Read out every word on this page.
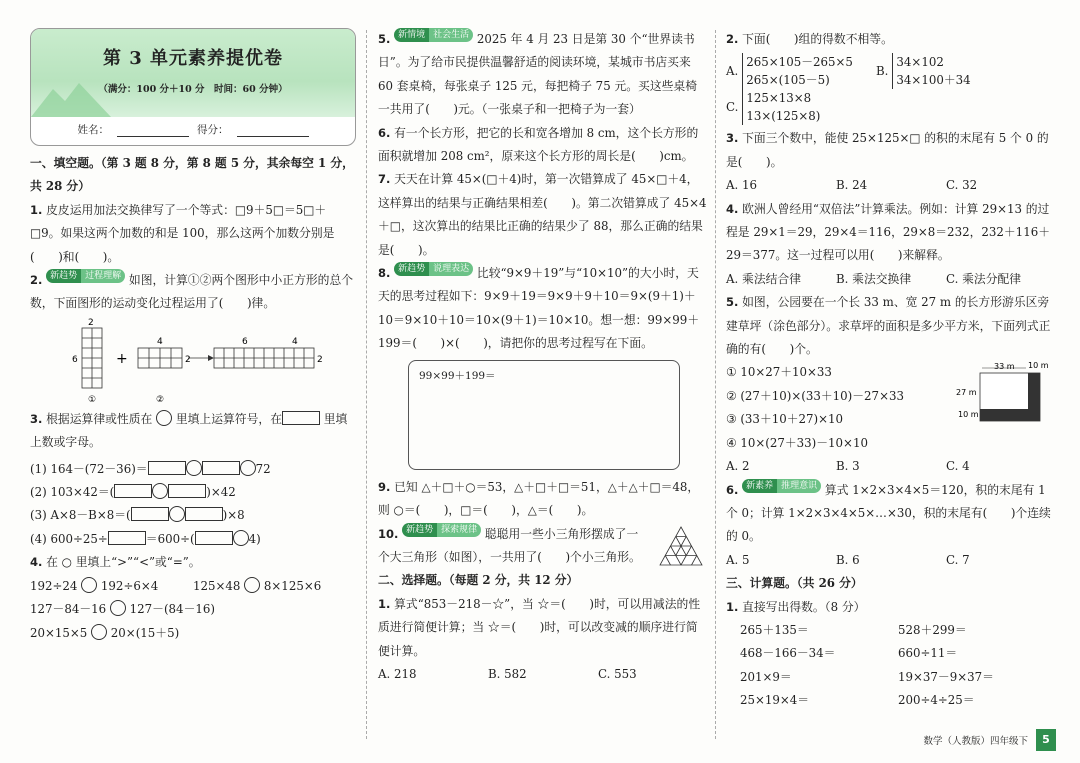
第 3 单元素养提优卷
（满分：100 分＋10 分　时间：60 分钟）
姓名：	得分：
一、填空题。（第 3 题 8 分，第 8 题 5 分，其余每空 1 分，共 28 分）
1. 皮皮运用加法交换律写了一个等式：□9＋5□＝5□＋□9。如果这两个加数的和是 100，那么这两个加数分别是(　　)和(　　)。
2. 新趋势 过程理解 如图，计算①②两个图形中小正方形的总个数，下面图形的运动变化过程运用了(　　)律。
2
6
4
2
6	4
2
①	②
+
3. 根据运算律或性质在 里填上运算符号，在	里填上数或字母。
(1) 164－(72－36)＝	72
(2) 103×42＝(	)×42
(3) A×8－B×8＝(	)×8
(4) 600÷25÷	＝600÷(	4)
4. 在 ○ 里填上“>”“<”或“=”。
192÷24 192÷6×4	125×48 8×125×6
127－84－16 127－(84－16)
20×15×5 20×(15＋5)
5. 新情境 社会生活 2025 年 4 月 23 日是第 30 个“世界读书日”。为了给市民提供温馨舒适的阅读环境，某城市书店买来 60 套桌椅，每张桌子 125 元，每把椅子 75 元。买这些桌椅一共用了(　　)元。（一张桌子和一把椅子为一套）
6. 有一个长方形，把它的长和宽各增加 8 cm，这个长方形的面积就增加 208 cm²，原来这个长方形的周长是(　　)cm。
7. 天天在计算 45×(□＋4)时，第一次错算成了 45×□＋4，这样算出的结果与正确结果相差(　　)。第二次错算成了 45×4＋□，这次算出的结果比正确的结果少了 88，那么正确的结果是(　　)。
8. 新趋势 说理表达 比较“9×9＋19”与“10×10”的大小时，天天的思考过程如下：9×9＋19＝9×9＋9＋10＝9×(9＋1)＋10＝9×10＋10＝10×(9＋1)＝10×10。想一想：99×99＋199＝(　　)×(　　)，请把你的思考过程写在下面。
99×99＋199＝
9. 已知 △＋□＋○＝53，△＋□＋□＝51，△＋△＋□＝48，则 ○＝(　　)，□＝(　　)，△＝(　　)。
10. 新趋势 探索规律 聪聪用一些小三角形摆成了一个大三角形（如图），一共用了(　　)个小三角形。
二、选择题。（每题 2 分，共 12 分）
1. 算式“853－218－☆”，当 ☆＝(　　)时，可以用减法的性质进行简便计算；当 ☆＝(　　)时，可以改变减的顺序进行简便计算。
A. 218	B. 582	C. 553
2. 下面(　　)组的得数不相等。
A.
265×105－265×5
265×(105－5)
B.
34×102
34×100＋34
C.
125×13×8
13×(125×8)
3. 下面三个数中，能使 25×125×□ 的积的末尾有 5 个 0 的是(　　)。
A. 16	B. 24	C. 32
4. 欧洲人曾经用“双倍法”计算乘法。例如：计算 29×13 的过程是 29×1＝29，29×4＝116，29×8＝232，232＋116＋29＝377。这一过程可以用(　　)来解释。
A. 乘法结合律	B. 乘法交换律	C. 乘法分配律
5. 如图，公园要在一个长 33 m、宽 27 m 的长方形游乐区旁建草坪（涂色部分）。求草坪的面积是多少平方米，下面列式正确的有(　　)个。
① 10×27＋10×33
② (27＋10)×(33＋10)－27×33
③ (33＋10＋27)×10
④ 10×(27＋33)－10×10
10 m
33 m
27 m
10 m
A. 2	B. 3	C. 4
6. 新素养 推理意识 算式 1×2×3×4×5＝120，积的末尾有 1 个 0；计算 1×2×3×4×5×…×30，积的末尾有(　　)个连续的 0。
A. 5	B. 6	C. 7
三、计算题。（共 26 分）
1. 直接写出得数。（8 分）
265＋135＝	528＋299＝
468－166－34＝	660÷11＝
201×9＝	19×37－9×37＝
25×19×4＝	200÷4÷25＝
数学（人教版）四年级下	5
